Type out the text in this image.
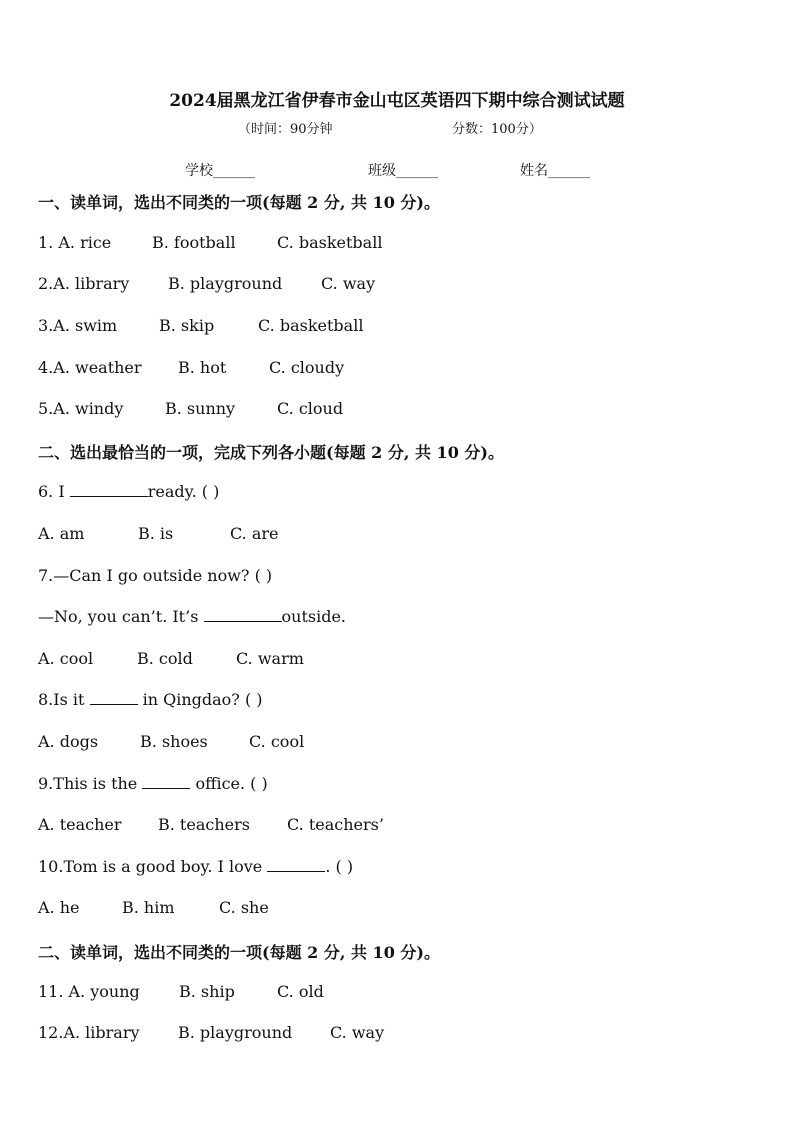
2024届黑龙江省伊春市金山屯区英语四下期中综合测试试题
（时间：90分钟	分数：100分）
学校______	班级______	姓名______
一、读单词，选出不同类的一项(每题 2 分, 共 10 分)。
1. A. rice	B. football	C. basketball
2.A. library B. playground C. way
3.A. swim	B. skip	C. basketball
4.A. weather B. hot	C. cloudy
5.A. windy	B. sunny	C. cloud
二、选出最恰当的一项，完成下列各小题(每题 2 分, 共 10 分)。
6. I	ready. ( )
A. am	B. is	C. are
7.—Can I go outside now? ( )
—No, you can’t. It’s	outside.
A. cool	B. cold	C. warm
8.Is it	in Qingdao? ( )
A. dogs	B. shoes	C. cool
9.This is the	office. ( )
A. teacher B. teachers C. teachers’
10.Tom is a good boy. I love	. ( )
A. he	B. him	C. she
二、读单词，选出不同类的一项(每题 2 分, 共 10 分)。
11. A. young B. ship	C. old
12.A. library B. playground C. way
